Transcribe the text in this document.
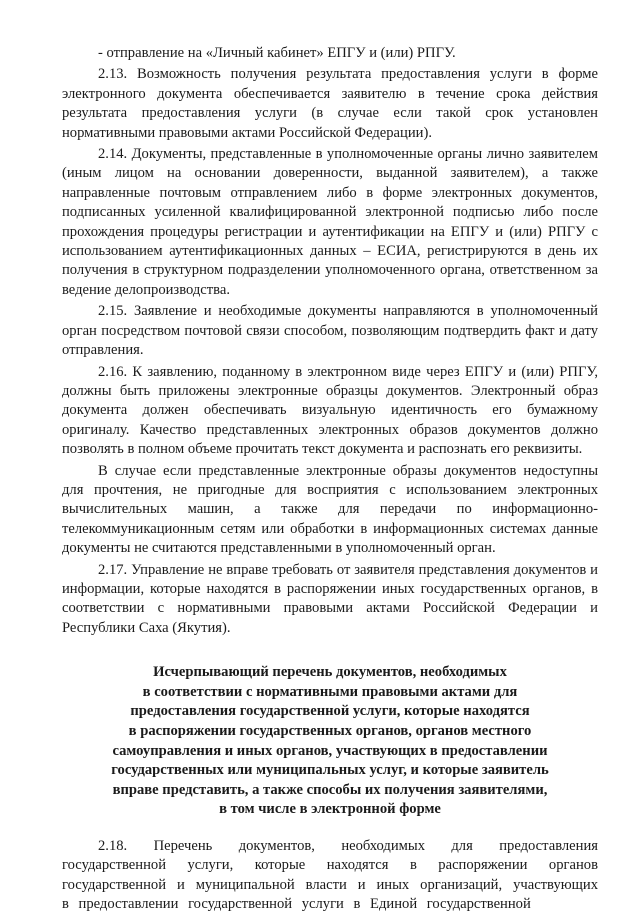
- отправление на «Личный кабинет» ЕПГУ и (или) РПГУ.

2.13. Возможность получения результата предоставления услуги в форме электронного документа обеспечивается заявителю в течение срока действия результата предоставления услуги (в случае если такой срок установлен нормативными правовыми актами Российской Федерации).

2.14. Документы, представленные в уполномоченные органы лично заявителем (иным лицом на основании доверенности, выданной заявителем), а также направленные почтовым отправлением либо в форме электронных документов, подписанных усиленной квалифицированной электронной подписью либо после прохождения процедуры регистрации и аутентификации на ЕПГУ и (или) РПГУ с использованием аутентификационных данных – ЕСИА, регистрируются в день их получения в структурном подразделении уполномоченного органа, ответственном за ведение делопроизводства.

2.15. Заявление и необходимые документы направляются в уполномоченный орган посредством почтовой связи способом, позволяющим подтвердить факт и дату отправления.

2.16. К заявлению, поданному в электронном виде через ЕПГУ и (или) РПГУ, должны быть приложены электронные образцы документов. Электронный образ документа должен обеспечивать визуальную идентичность его бумажному оригиналу. Качество представленных электронных образов документов должно позволять в полном объеме прочитать текст документа и распознать его реквизиты.

В случае если представленные электронные образы документов недоступны для прочтения, не пригодные для восприятия с использованием электронных вычислительных машин, а также для передачи по информационно-телекоммуникационным сетям или обработки в информационных системах данные документы не считаются представленными в уполномоченный орган.

2.17. Управление не вправе требовать от заявителя представления документов и информации, которые находятся в распоряжении иных государственных органов, в соответствии с нормативными правовыми актами Российской Федерации и Республики Саха (Якутия).

Исчерпывающий перечень документов, необходимых
в соответствии с нормативными правовыми актами для
предоставления государственной услуги, которые находятся
в распоряжении государственных органов, органов местного
самоуправления и иных органов, участвующих в предоставлении
государственных или муниципальных услуг, и которые заявитель
вправе представить, а также способы их получения заявителями,
в том числе в электронной форме

2.18. Перечень документов, необходимых для предоставления государственной услуги, которые находятся в распоряжении органов государственной и муниципальной власти и иных организаций, участвующих в предоставлении государственной услуги в Единой государственной
